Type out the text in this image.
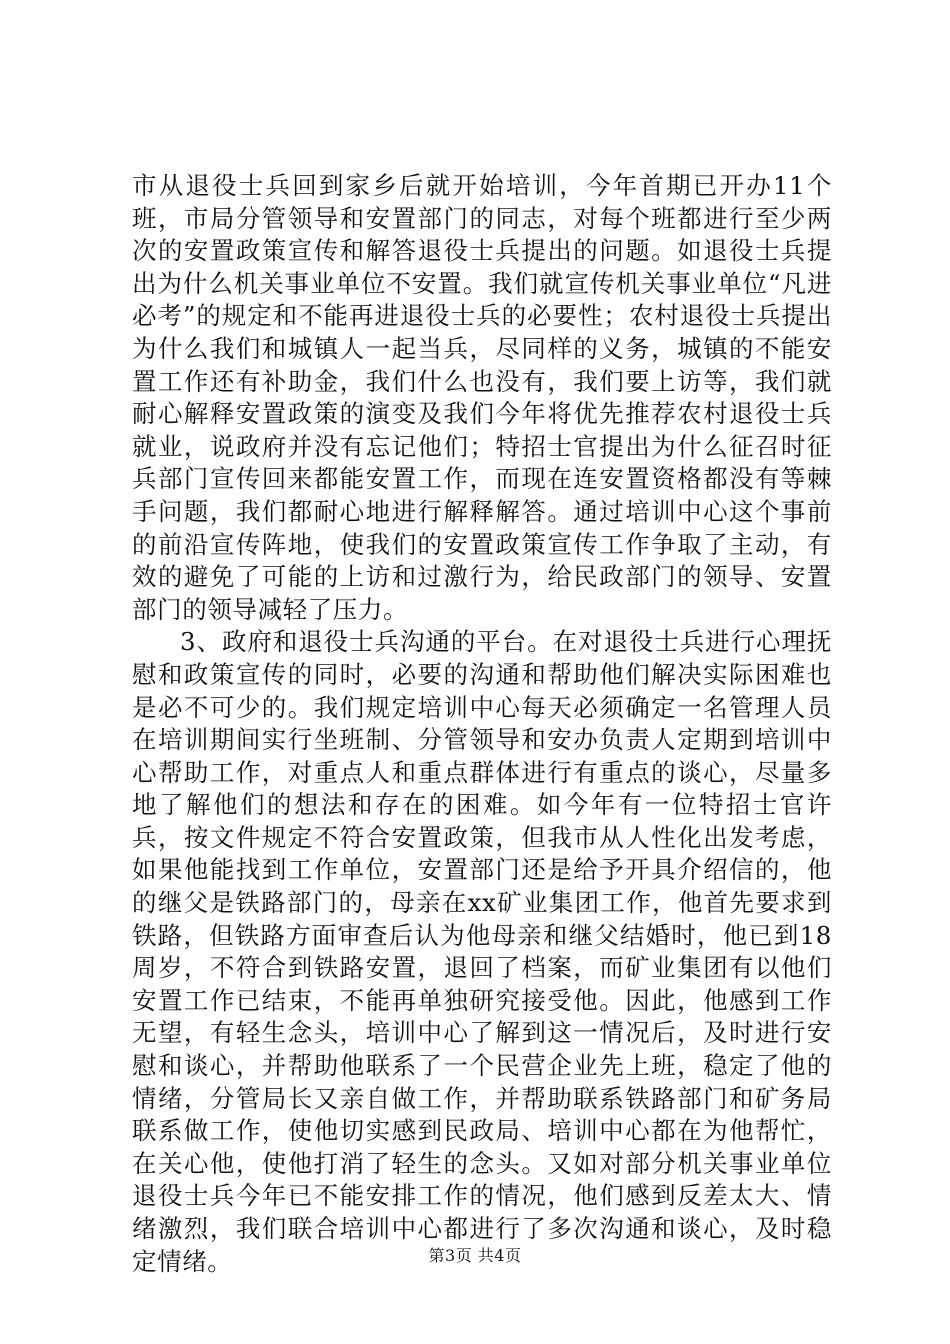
市从退役士兵回到家乡后就开始培训，今年首期已开办11个班，市局分管领导和安置部门的同志，对每个班都进行至少两次的安置政策宣传和解答退役士兵提出的问题。如退役士兵提出为什么机关事业单位不安置。我们就宣传机关事业单位“凡进必考”的规定和不能再进退役士兵的必要性；农村退役士兵提出为什么我们和城镇人一起当兵，尽同样的义务，城镇的不能安置工作还有补助金，我们什么也没有，我们要上访等，我们就耐心解释安置政策的演变及我们今年将优先推荐农村退役士兵就业，说政府并没有忘记他们；特招士官提出为什么征召时征兵部门宣传回来都能安置工作，而现在连安置资格都没有等棘手问题，我们都耐心地进行解释解答。通过培训中心这个事前的前沿宣传阵地，使我们的安置政策宣传工作争取了主动，有效的避免了可能的上访和过激行为，给民政部门的领导、安置部门的领导减轻了压力。

3、政府和退役士兵沟通的平台。在对退役士兵进行心理抚慰和政策宣传的同时，必要的沟通和帮助他们解决实际困难也是必不可少的。我们规定培训中心每天必须确定一名管理人员在培训期间实行坐班制、分管领导和安办负责人定期到培训中心帮助工作，对重点人和重点群体进行有重点的谈心，尽量多地了解他们的想法和存在的困难。如今年有一位特招士官许兵，按文件规定不符合安置政策，但我市从人性化出发考虑，如果他能找到工作单位，安置部门还是给予开具介绍信的，他的继父是铁路部门的，母亲在xx矿业集团工作，他首先要求到铁路，但铁路方面审查后认为他母亲和继父结婚时，他已到18周岁，不符合到铁路安置，退回了档案，而矿业集团有以他们安置工作已结束，不能再单独研究接受他。因此，他感到工作无望，有轻生念头，培训中心了解到这一情况后，及时进行安慰和谈心，并帮助他联系了一个民营企业先上班，稳定了他的情绪，分管局长又亲自做工作，并帮助联系铁路部门和矿务局联系做工作，使他切实感到民政局、培训中心都在为他帮忙，在关心他，使他打消了轻生的念头。又如对部分机关事业单位退役士兵今年已不能安排工作的情况，他们感到反差太大、情绪激烈，我们联合培训中心都进行了多次沟通和谈心，及时稳定情绪。	第3页 共4页
